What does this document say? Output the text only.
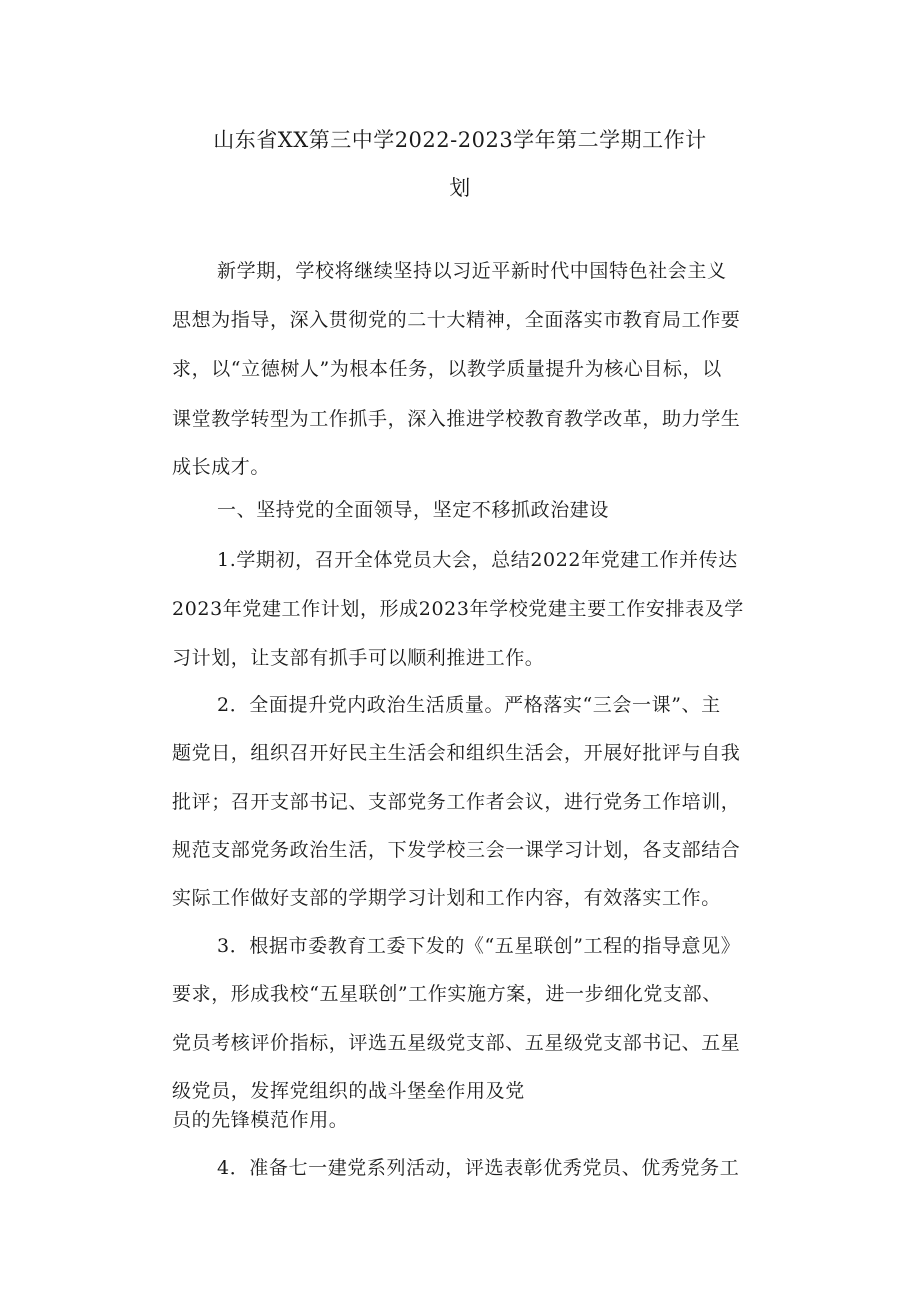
山东省XX第三中学2022-2023学年第二学期工作计
划
新学期，学校将继续坚持以习近平新时代中国特色社会主义
思想为指导，深入贯彻党的二十大精神，全面落实市教育局工作要
求，以“立德树人”为根本任务，以教学质量提升为核心目标，以
课堂教学转型为工作抓手，深入推进学校教育教学改革，助力学生
成长成才。
一、坚持党的全面领导，坚定不移抓政治建设
1.学期初，召开全体党员大会，总结2022年党建工作并传达
2023年党建工作计划，形成2023年学校党建主要工作安排表及学
习计划，让支部有抓手可以顺利推进工作。
2．全面提升党内政治生活质量。严格落实“三会一课”、主
题党日，组织召开好民主生活会和组织生活会，开展好批评与自我
批评；召开支部书记、支部党务工作者会议，进行党务工作培训，
规范支部党务政治生活，下发学校三会一课学习计划，各支部结合
实际工作做好支部的学期学习计划和工作内容，有效落实工作。
3．根据市委教育工委下发的《“五星联创”工程的指导意见》
要求，形成我校“五星联创”工作实施方案，进一步细化党支部、
党员考核评价指标，评选五星级党支部、五星级党支部书记、五星
级党员，发挥党组织的战斗堡垒作用及党
员的先锋模范作用。
4．准备七一建党系列活动，评选表彰优秀党员、优秀党务工
